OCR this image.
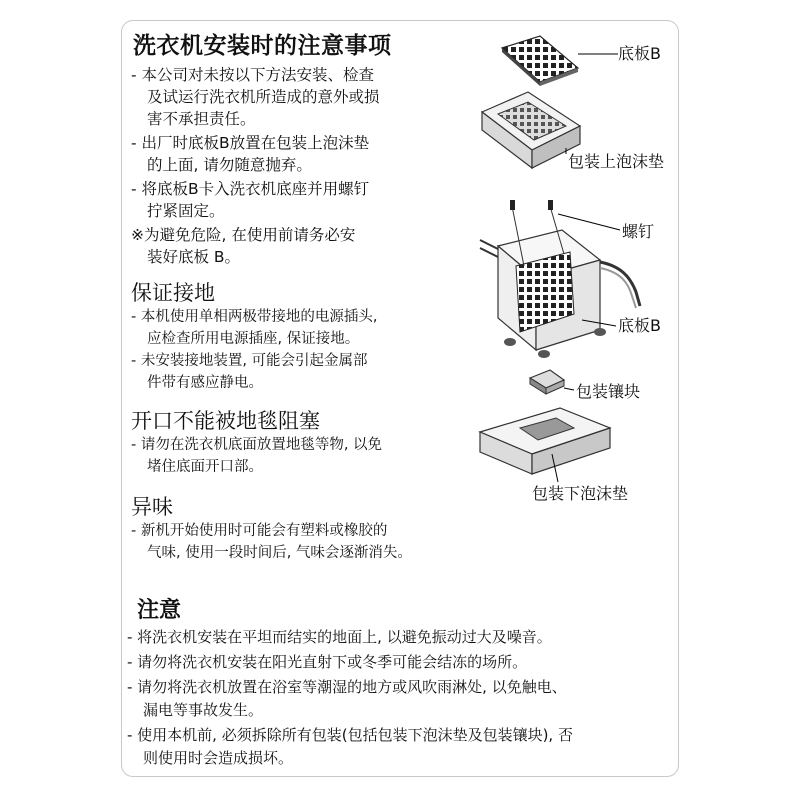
洗衣机安装时的注意事项
- 本公司对未按以下方法安装、检查
及试运行洗衣机所造成的意外或损
害不承担责任。
- 出厂时底板B放置在包装上泡沫垫
的上面, 请勿随意抛弃。
- 将底板B卡入洗衣机底座并用螺钉
拧紧固定。
※为避免危险, 在使用前请务必安
装好底板 B。
保证接地
- 本机使用单相两极带接地的电源插头,
应检查所用电源插座, 保证接地。
- 未安装接地装置, 可能会引起金属部
件带有感应静电。
开口不能被地毯阻塞
- 请勿在洗衣机底面放置地毯等物, 以免
堵住底面开口部。
异味
- 新机开始使用时可能会有塑料或橡胶的
气味, 使用一段时间后, 气味会逐渐消失。
注意
- 将洗衣机安装在平坦而结实的地面上, 以避免振动过大及噪音。
- 请勿将洗衣机安装在阳光直射下或冬季可能会结冻的场所。
- 请勿将洗衣机放置在浴室等潮湿的地方或风吹雨淋处, 以免触电、
漏电等事故发生。
- 使用本机前, 必须拆除所有包装(包括包装下泡沫垫及包装镶块), 否
则使用时会造成损坏。
底板B
包装上泡沫垫
螺钉
底板B
包装镶块
包装下泡沫垫
